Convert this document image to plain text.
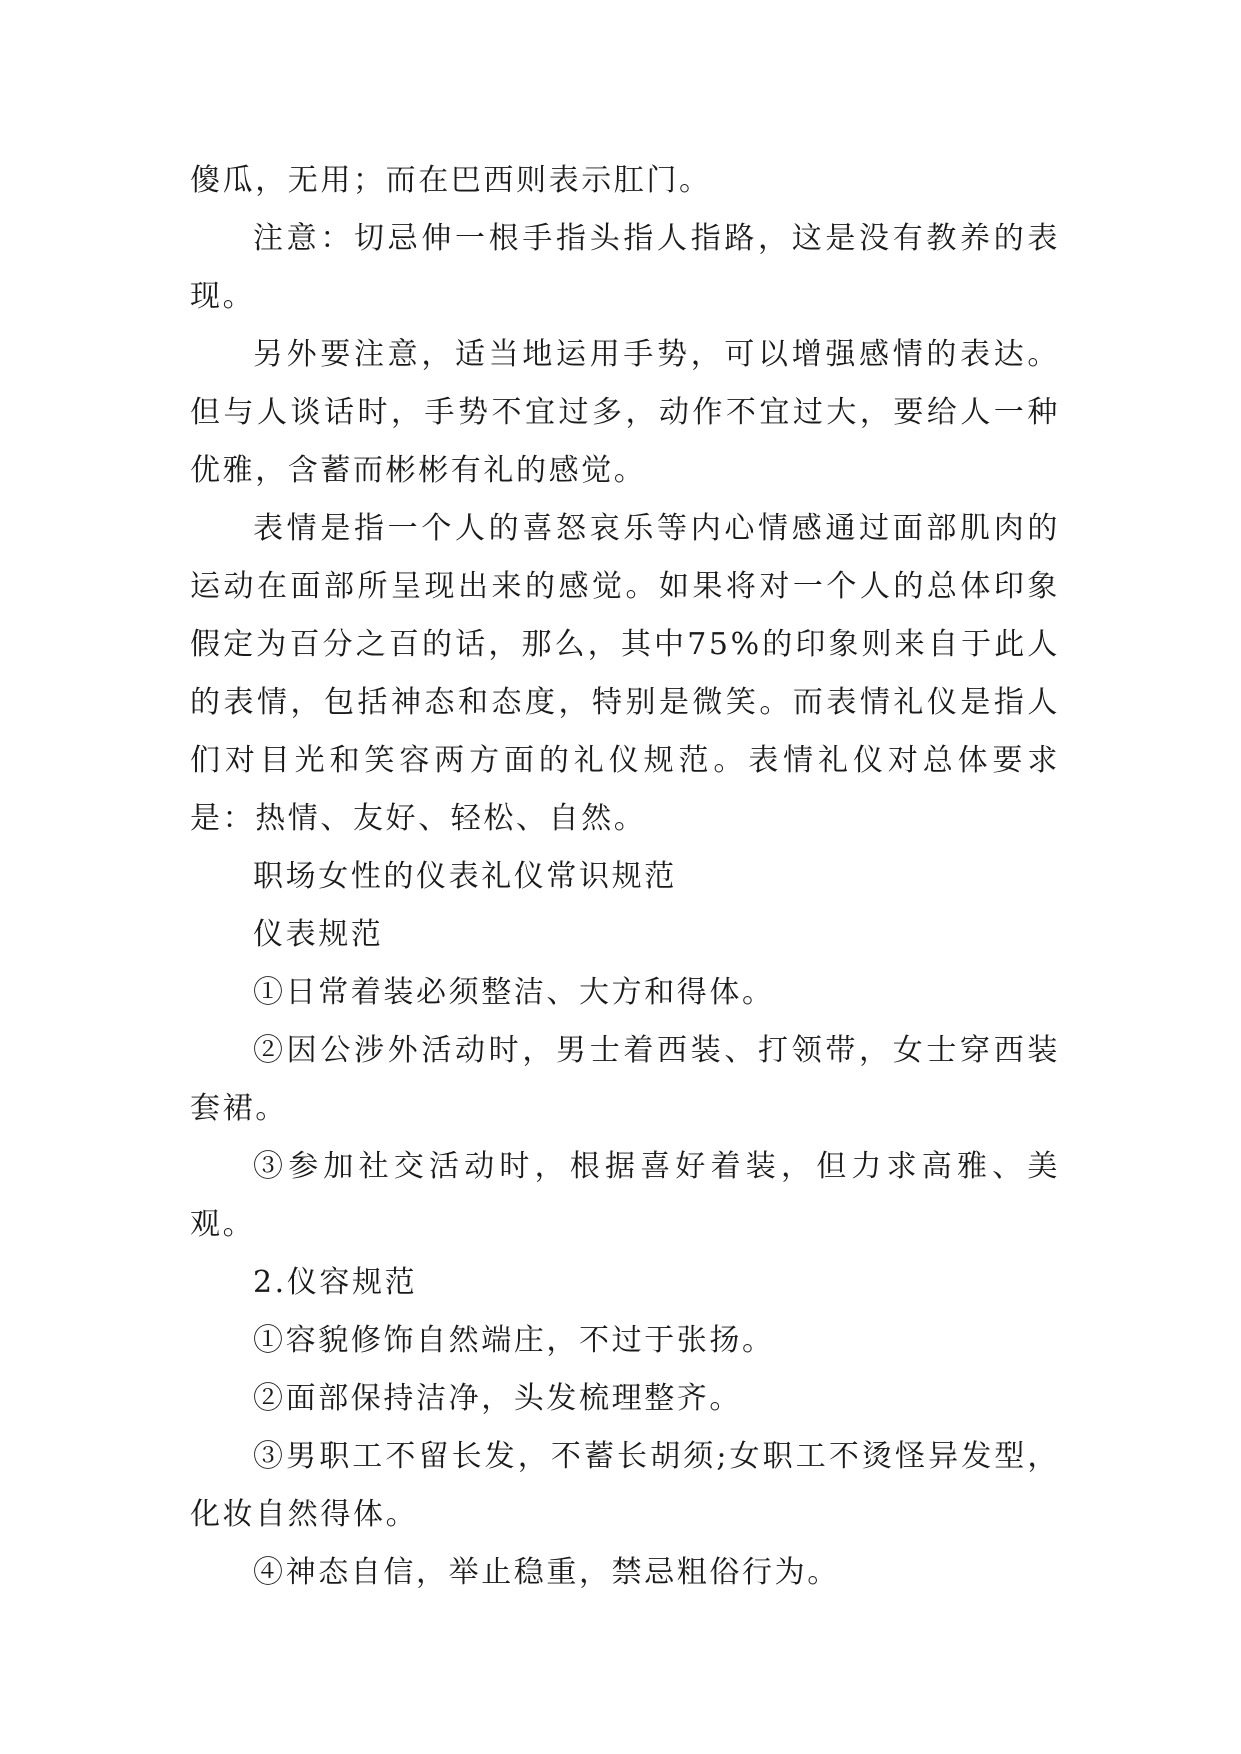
傻瓜，无用；而在巴西则表示肛门。

注意：切忌伸一根手指头指人指路，这是没有教养的表现。

另外要注意，适当地运用手势，可以增强感情的表达。但与人谈话时，手势不宜过多，动作不宜过大，要给人一种优雅，含蓄而彬彬有礼的感觉。

表情是指一个人的喜怒哀乐等内心情感通过面部肌肉的运动在面部所呈现出来的感觉。如果将对一个人的总体印象假定为百分之百的话，那么，其中75%的印象则来自于此人的表情，包括神态和态度，特别是微笑。而表情礼仪是指人们对目光和笑容两方面的礼仪规范。表情礼仪对总体要求是：热情、友好、轻松、自然。

职场女性的仪表礼仪常识规范

仪表规范

①日常着装必须整洁、大方和得体。

②因公涉外活动时，男士着西装、打领带，女士穿西装套裙。

③参加社交活动时，根据喜好着装，但力求高雅、美观。

2.仪容规范

①容貌修饰自然端庄，不过于张扬。

②面部保持洁净，头发梳理整齐。

③男职工不留长发，不蓄长胡须;女职工不烫怪异发型，化妆自然得体。

④神态自信，举止稳重，禁忌粗俗行为。
